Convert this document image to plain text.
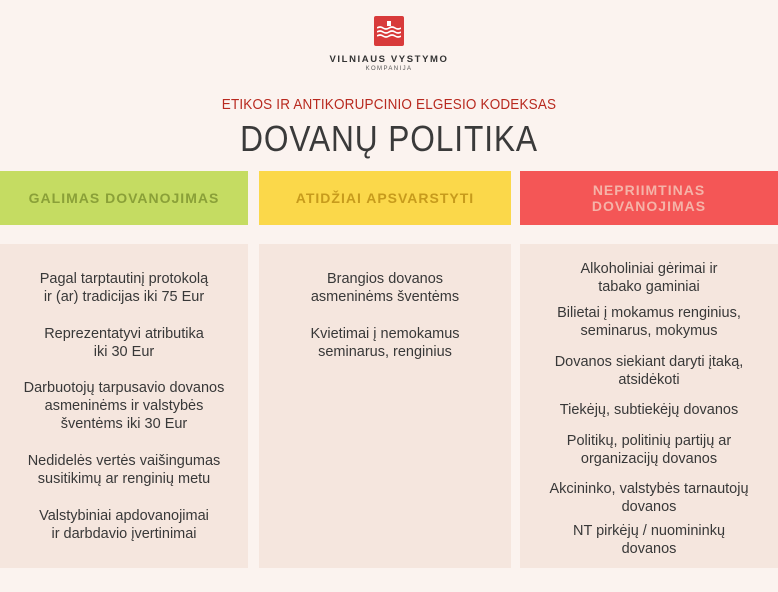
VILNIAUS VYSTYMO
KOMPANIJA
ETIKOS IR ANTIKORUPCINIO ELGESIO KODEKSAS
DOVANŲ POLITIKA
GALIMAS DOVANOJIMAS	ATIDŽIAI APSVARSTYTI	NEPRIIMTINAS
DOVANOJIMAS
Pagal tarptautinį protokolą
ir (ar) tradicijas iki 75 Eur
Reprezentatyvi atributika
iki 30 Eur
Darbuotojų tarpusavio dovanos
asmeninėms ir valstybės
šventėms iki 30 Eur
Nedidelės vertės vaišingumas
susitikimų ar renginių metu
Valstybiniai apdovanojimai
ir darbdavio įvertinimai
Brangios dovanos
asmeninėms šventėms
Kvietimai į nemokamus
seminarus, renginius
Alkoholiniai gėrimai ir
tabako gaminiai
Bilietai į mokamus renginius,
seminarus, mokymus
Dovanos siekiant daryti įtaką,
atsidėkoti
Tiekėjų, subtiekėjų dovanos
Politikų, politinių partijų ar
organizacijų dovanos
Akcininko, valstybės tarnautojų
dovanos
NT pirkėjų / nuomininkų
dovanos
